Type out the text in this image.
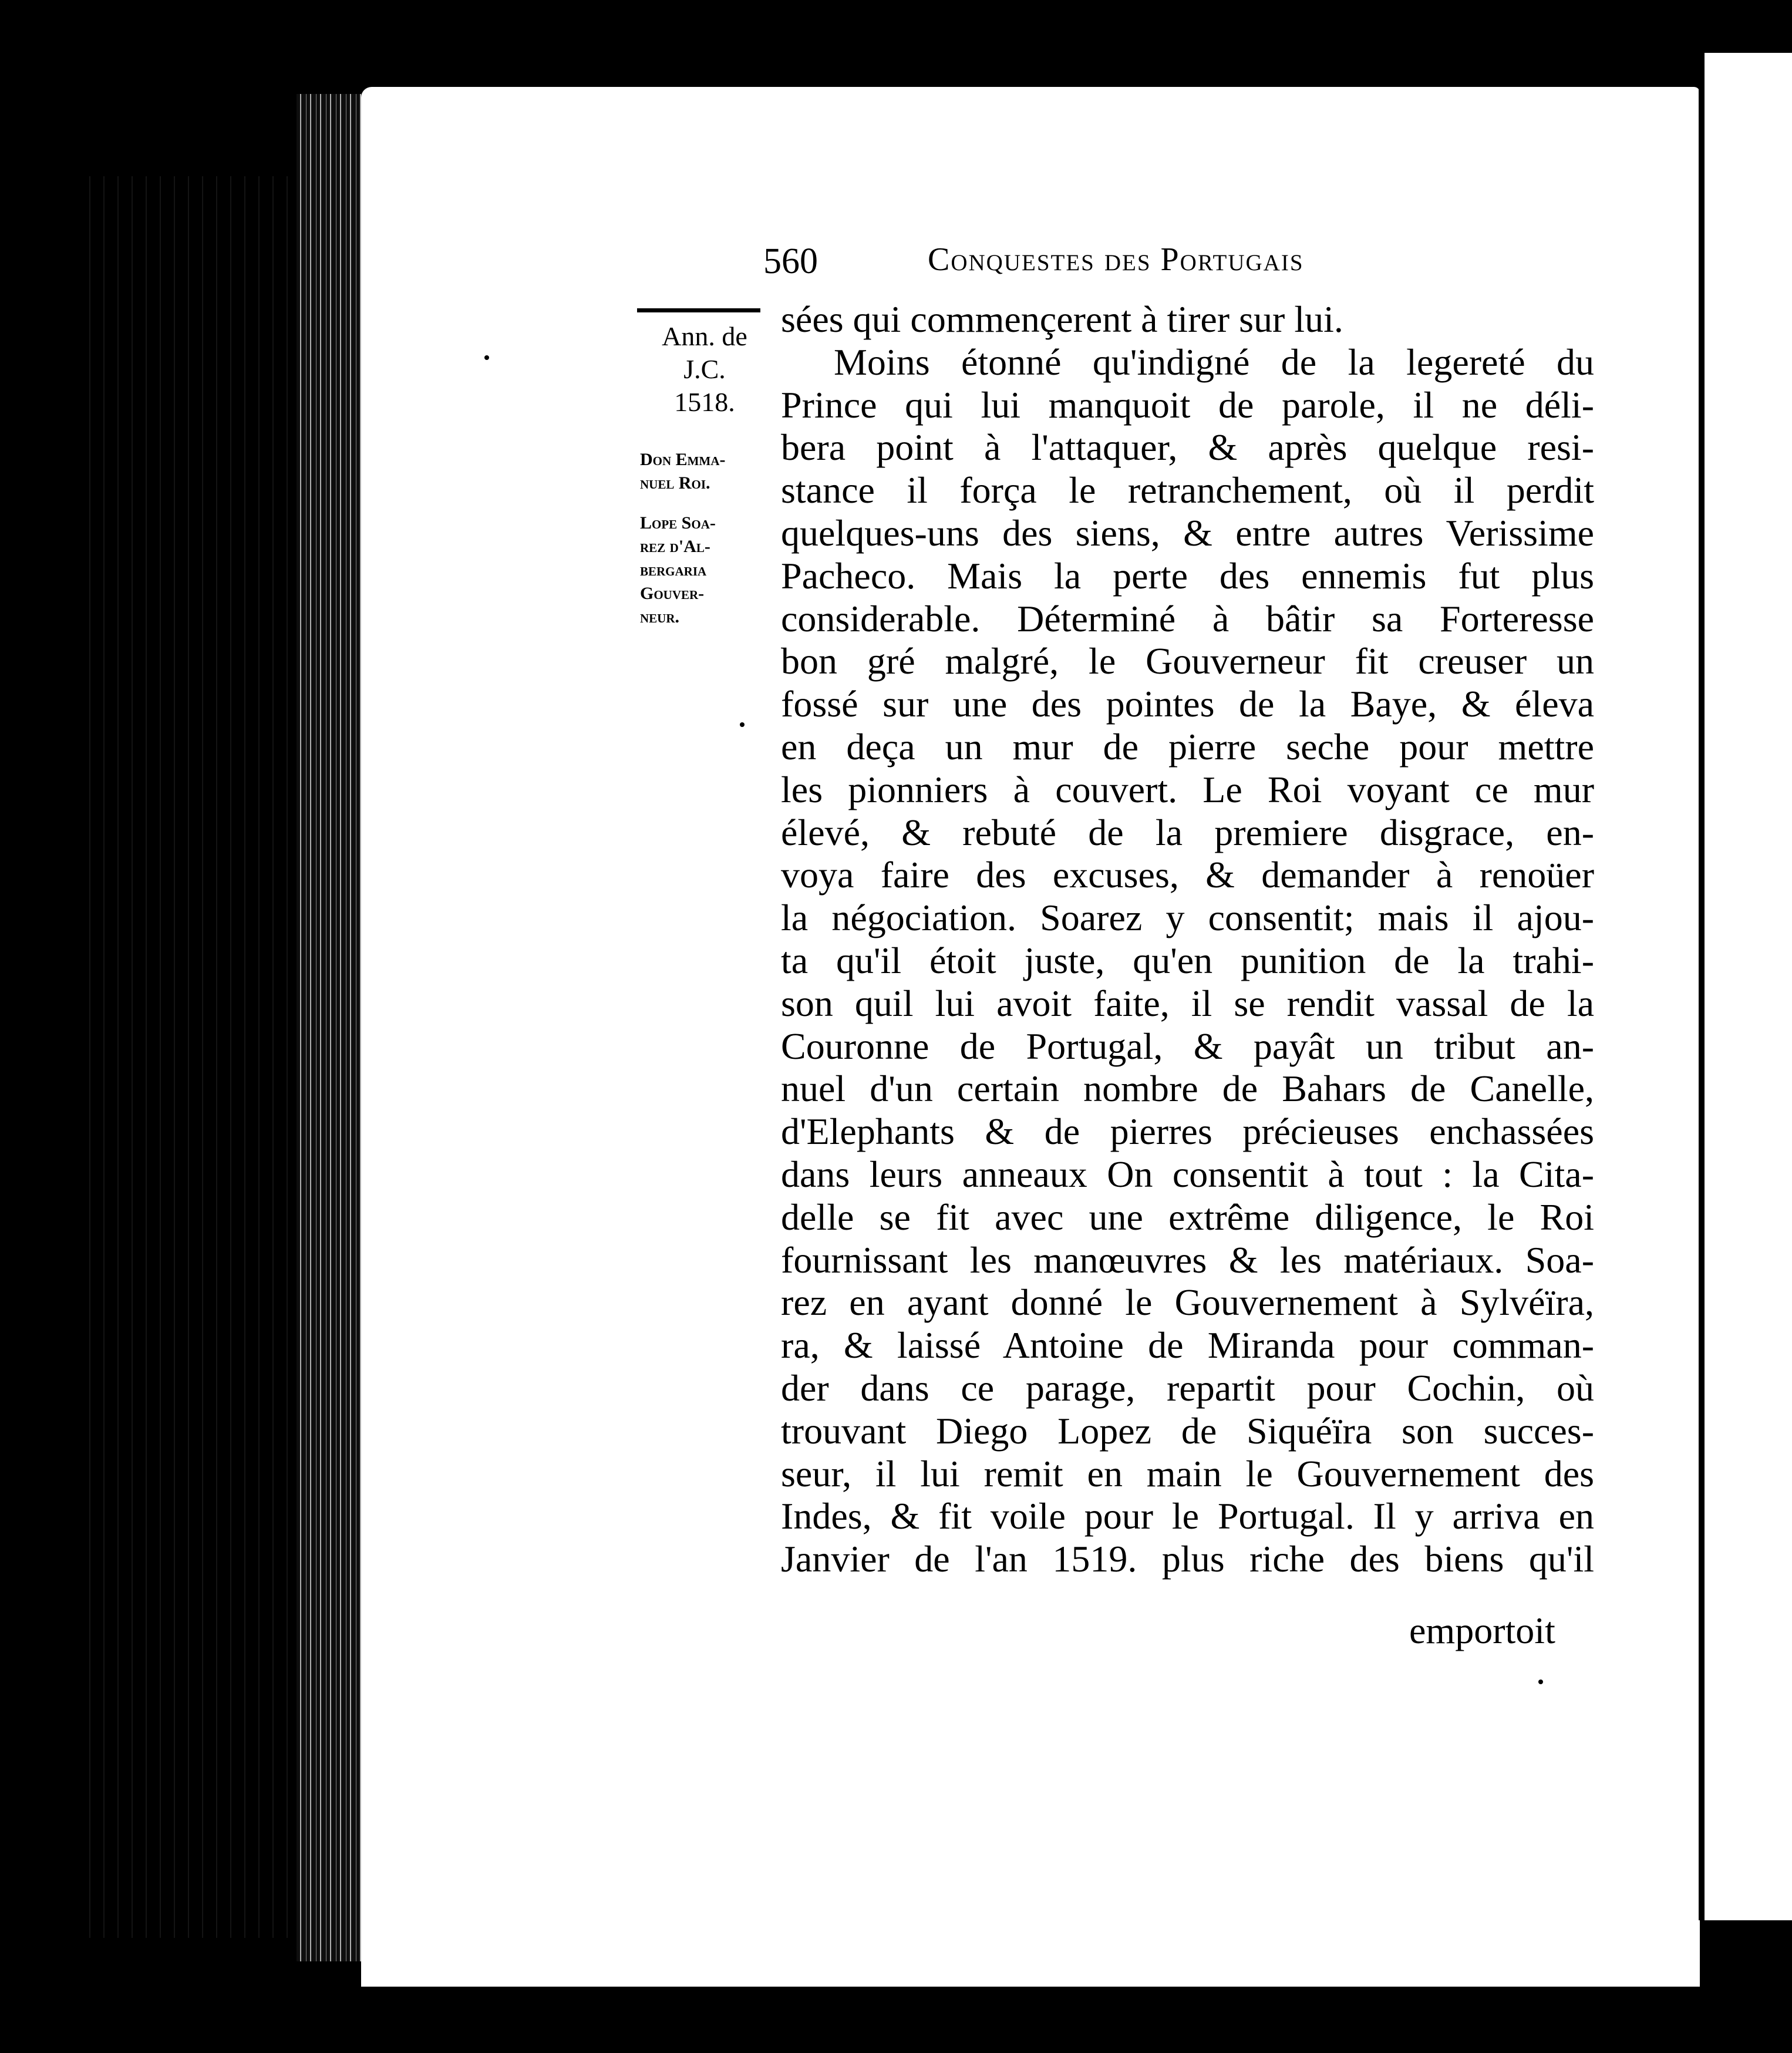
560	Conquestes des Portugais
Ann. de
J.C.
1518.
Don Emma-
nuel Roi.
Lope Soa-
rez d'Al-
bergaria
Gouver-
neur.
sées qui commençerent à tirer sur lui.
Moins étonné qu'indigné de la legereté du
Prince qui lui manquoit de parole, il ne déli-
bera point à l'attaquer, & après quelque resi-
stance il força le retranchement, où il perdit
quelques-uns des siens, & entre autres Verissime
Pacheco. Mais la perte des ennemis fut plus
considerable. Déterminé à bâtir sa Forteresse
bon gré malgré, le Gouverneur fit creuser un
fossé sur une des pointes de la Baye, & éleva
en deça un mur de pierre seche pour mettre
les pionniers à couvert. Le Roi voyant ce mur
élevé, & rebuté de la premiere disgrace, en-
voya faire des excuses, & demander à renoüer
la négociation. Soarez y consentit; mais il ajou-
ta qu'il étoit juste, qu'en punition de la trahi-
son quil lui avoit faite, il se rendit vassal de la
Couronne de Portugal, & payât un tribut an-
nuel d'un certain nombre de Bahars de Canelle,
d'Elephants & de pierres précieuses enchassées
dans leurs anneaux On consentit à tout : la Cita-
delle se fit avec une extrême diligence, le Roi
fournissant les manœuvres & les matériaux. Soa-
rez en ayant donné le Gouvernement à Sylvéïra,
ra, & laissé Antoine de Miranda pour comman-
der dans ce parage, repartit pour Cochin, où
trouvant Diego Lopez de Siquéïra son succes-
seur, il lui remit en main le Gouvernement des
Indes, & fit voile pour le Portugal. Il y arriva en
Janvier de l'an 1519. plus riche des biens qu'il
emportoit
